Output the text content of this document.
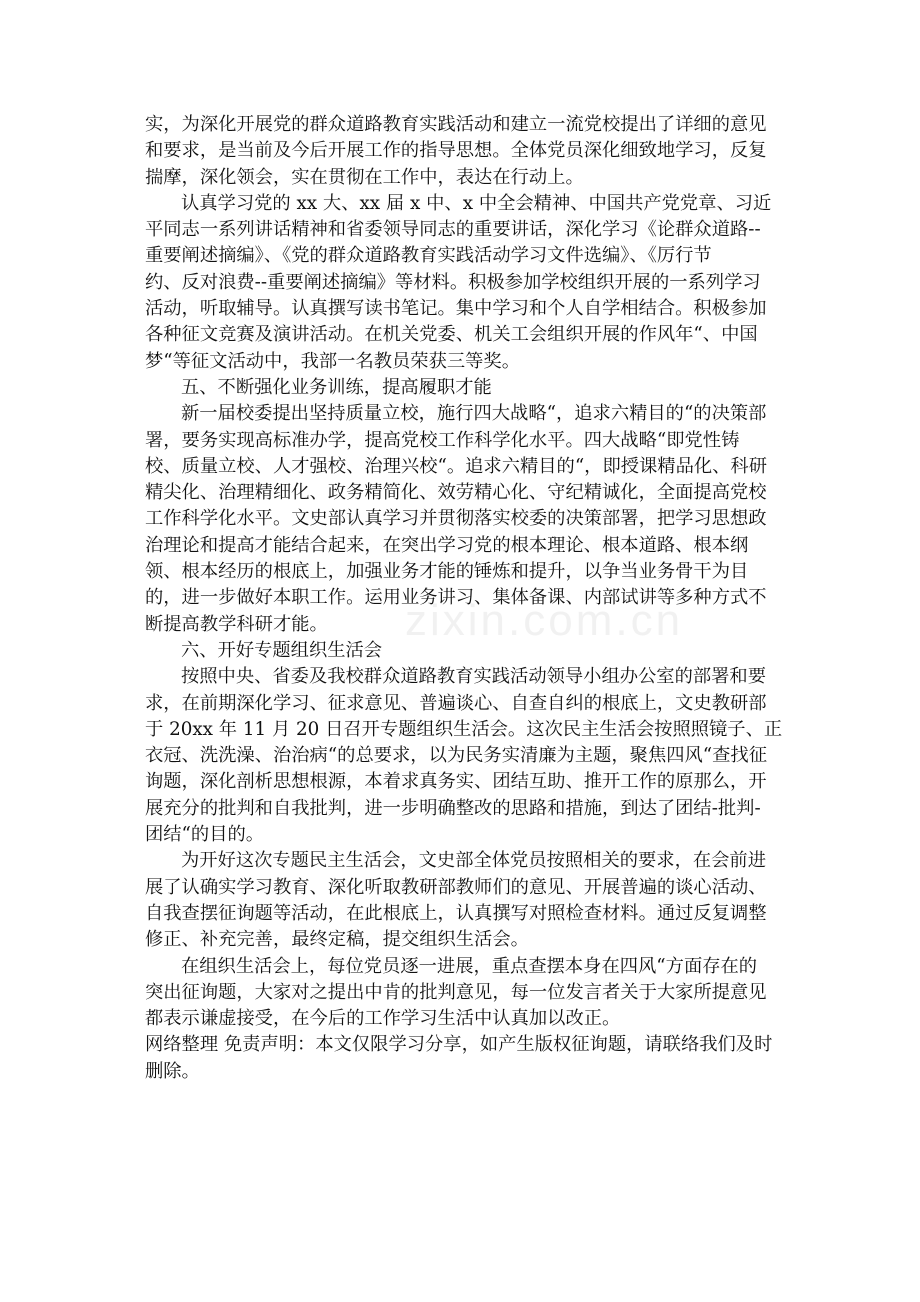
zixin.com.cn
实，为深化开展党的群众道路教育实践活动和建立一流党校提出了详细的意见
和要求，是当前及今后开展工作的指导思想。全体党员深化细致地学习，反复
揣摩，深化领会，实在贯彻在工作中，表达在行动上。
认真学习党的 xx 大、xx 届 x 中、x 中全会精神、中国共产党党章、习近
平同志一系列讲话精神和省委领导同志的重要讲话，深化学习《论群众道路--
重要阐述摘编》、《党的群众道路教育实践活动学习文件选编》、《厉行节
约、反对浪费--重要阐述摘编》等材料。积极参加学校组织开展的一系列学习
活动，听取辅导。认真撰写读书笔记。集中学习和个人自学相结合。积极参加
各种征文竞赛及演讲活动。在机关党委、机关工会组织开展的作风年“、中国
梦“等征文活动中，我部一名教员荣获三等奖。
五、不断强化业务训练，提高履职才能
新一届校委提出坚持质量立校，施行四大战略“，追求六精目的“的决策部
署，要务实现高标准办学，提高党校工作科学化水平。四大战略“即党性铸
校、质量立校、人才强校、治理兴校“。追求六精目的“，即授课精品化、科研
精尖化、治理精细化、政务精简化、效劳精心化、守纪精诚化，全面提高党校
工作科学化水平。文史部认真学习并贯彻落实校委的决策部署，把学习思想政
治理论和提高才能结合起来，在突出学习党的根本理论、根本道路、根本纲
领、根本经历的根底上，加强业务才能的锤炼和提升，以争当业务骨干为目
的，进一步做好本职工作。运用业务讲习、集体备课、内部试讲等多种方式不
断提高教学科研才能。
六、开好专题组织生活会
按照中央、省委及我校群众道路教育实践活动领导小组办公室的部署和要
求，在前期深化学习、征求意见、普遍谈心、自查自纠的根底上，文史教研部
于 20xx 年 11 月 20 日召开专题组织生活会。这次民主生活会按照照镜子、正
衣冠、洗洗澡、治治病“的总要求，以为民务实清廉为主题，聚焦四风“查找征
询题，深化剖析思想根源，本着求真务实、团结互助、推开工作的原那么，开
展充分的批判和自我批判，进一步明确整改的思路和措施，到达了团结-批判-
团结“的目的。
为开好这次专题民主生活会，文史部全体党员按照相关的要求，在会前进
展了认确实学习教育、深化听取教研部教师们的意见、开展普遍的谈心活动、
自我查摆征询题等活动，在此根底上，认真撰写对照检查材料。通过反复调整
修正、补充完善，最终定稿，提交组织生活会。
在组织生活会上，每位党员逐一进展，重点查摆本身在四风“方面存在的
突出征询题，大家对之提出中肯的批判意见，每一位发言者关于大家所提意见
都表示谦虚接受，在今后的工作学习生活中认真加以改正。
网络整理 免责声明：本文仅限学习分享，如产生版权征询题，请联络我们及时
删除。
